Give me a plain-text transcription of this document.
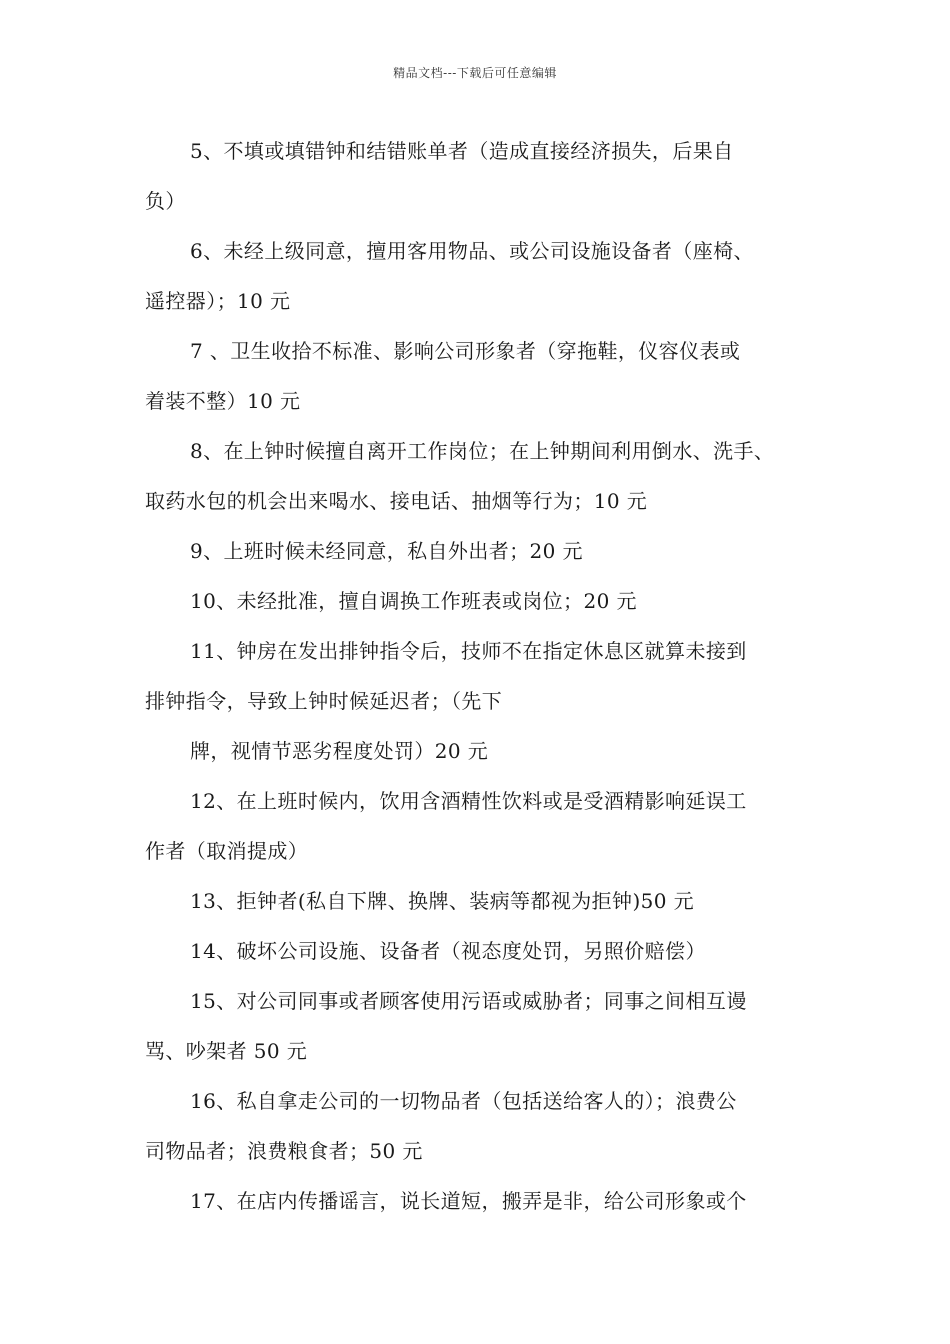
精品文档---下载后可任意编辑

5、不填或填错钟和结错账单者（造成直接经济损失，后果自
负）

6、未经上级同意，擅用客用物品、或公司设施设备者（座椅、
遥控器）；10 元

7 、卫生收拾不标准、影响公司形象者（穿拖鞋，仪容仪表或
着装不整）10 元

8、在上钟时候擅自离开工作岗位；在上钟期间利用倒水、洗手、
取药水包的机会出来喝水、接电话、抽烟等行为；10 元

9、上班时候未经同意，私自外出者；20 元

10、未经批准，擅自调换工作班表或岗位；20 元

11、钟房在发出排钟指令后，技师不在指定休息区就算未接到
排钟指令，导致上钟时候延迟者；（先下

牌，视情节恶劣程度处罚）20 元

12、在上班时候内，饮用含酒精性饮料或是受酒精影响延误工
作者（取消提成）

13、拒钟者(私自下牌、换牌、装病等都视为拒钟)50 元

14、破坏公司设施、设备者（视态度处罚，另照价赔偿）

15、对公司同事或者顾客使用污语或威胁者；同事之间相互谩
骂、吵架者 50 元

16、私自拿走公司的一切物品者（包括送给客人的）；浪费公
司物品者；浪费粮食者；50 元

17、在店内传播谣言，说长道短，搬弄是非，给公司形象或个
